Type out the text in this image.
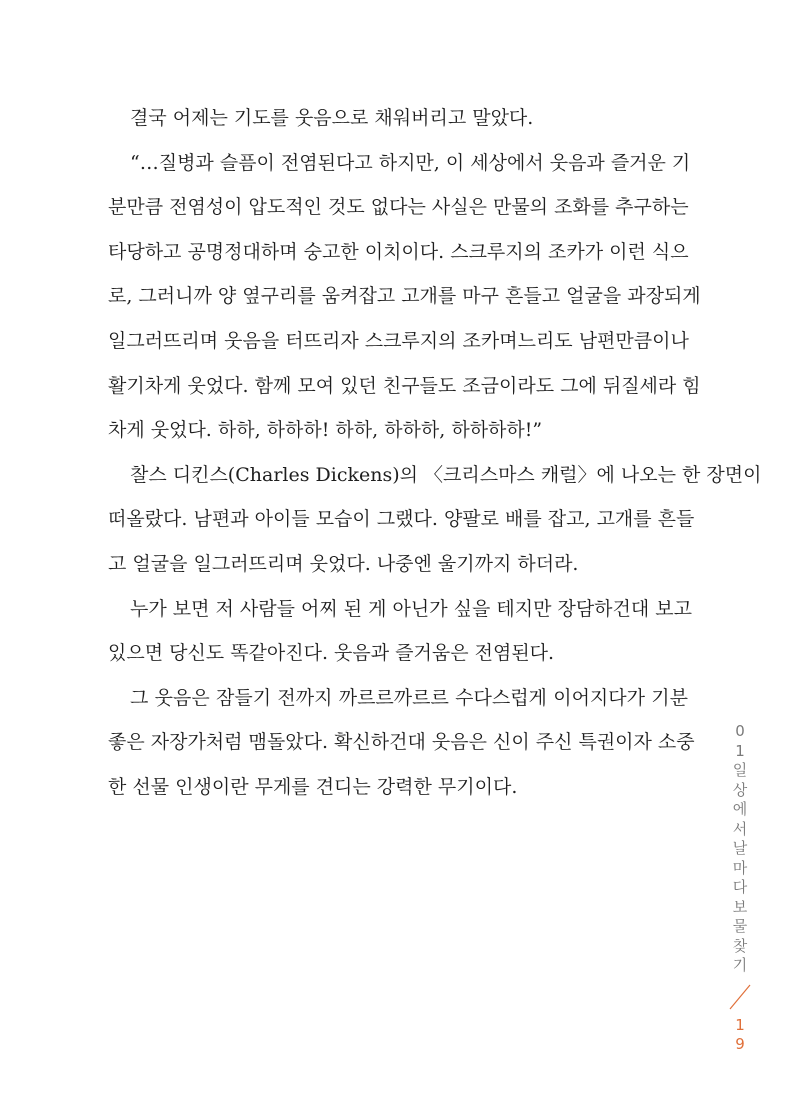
결국 어제는 기도를 웃음으로 채워버리고 말았다.
“…질병과 슬픔이 전염된다고 하지만, 이 세상에서 웃음과 즐거운 기
분만큼 전염성이 압도적인 것도 없다는 사실은 만물의 조화를 추구하는
타당하고 공명정대하며 숭고한 이치이다. 스크루지의 조카가 이런 식으
로, 그러니까 양 옆구리를 움켜잡고 고개를 마구 흔들고 얼굴을 과장되게
일그러뜨리며 웃음을 터뜨리자 스크루지의 조카며느리도 남편만큼이나
활기차게 웃었다. 함께 모여 있던 친구들도 조금이라도 그에 뒤질세라 힘
차게 웃었다. 하하, 하하하! 하하, 하하하, 하하하하!”
찰스 디킨스(Charles Dickens)의 〈크리스마스 캐럴〉에 나오는 한 장면이
떠올랐다. 남편과 아이들 모습이 그랬다. 양팔로 배를 잡고, 고개를 흔들
고 얼굴을 일그러뜨리며 웃었다. 나중엔 울기까지 하더라.
누가 보면 저 사람들 어찌 된 게 아닌가 싶을 테지만 장담하건대 보고
있으면 당신도 똑같아진다. 웃음과 즐거움은 전염된다.
그 웃음은 잠들기 전까지 까르르까르르 수다스럽게 이어지다가 기분
좋은 자장가처럼 맴돌았다. 확신하건대 웃음은 신이 주신 특권이자 소중
한 선물 인생이란 무게를 견디는 강력한 무기이다.
0
1
일
상
에
서
날
마
다
보
물
찾
기
1
9
